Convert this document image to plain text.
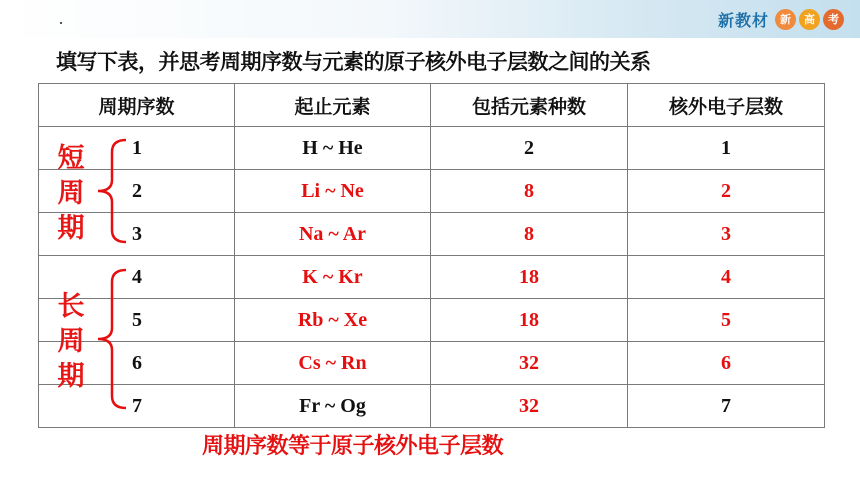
新教材	新	高	考
填写下表，并思考周期序数与元素的原子核外电子层数之间的关系
周期序数	起止元素	包括元素种数	核外电子层数
1	H ~ He	2	1
2	Li ~ Ne	8	2
3	Na ~ Ar	8	3
4	K ~ Kr	18	4
5	Rb ~ Xe	18	5
6	Cs ~ Rn	32	6
7	Fr ~ Og	32	7
短
周
期
长
周
期
周期序数等于原子核外电子层数
